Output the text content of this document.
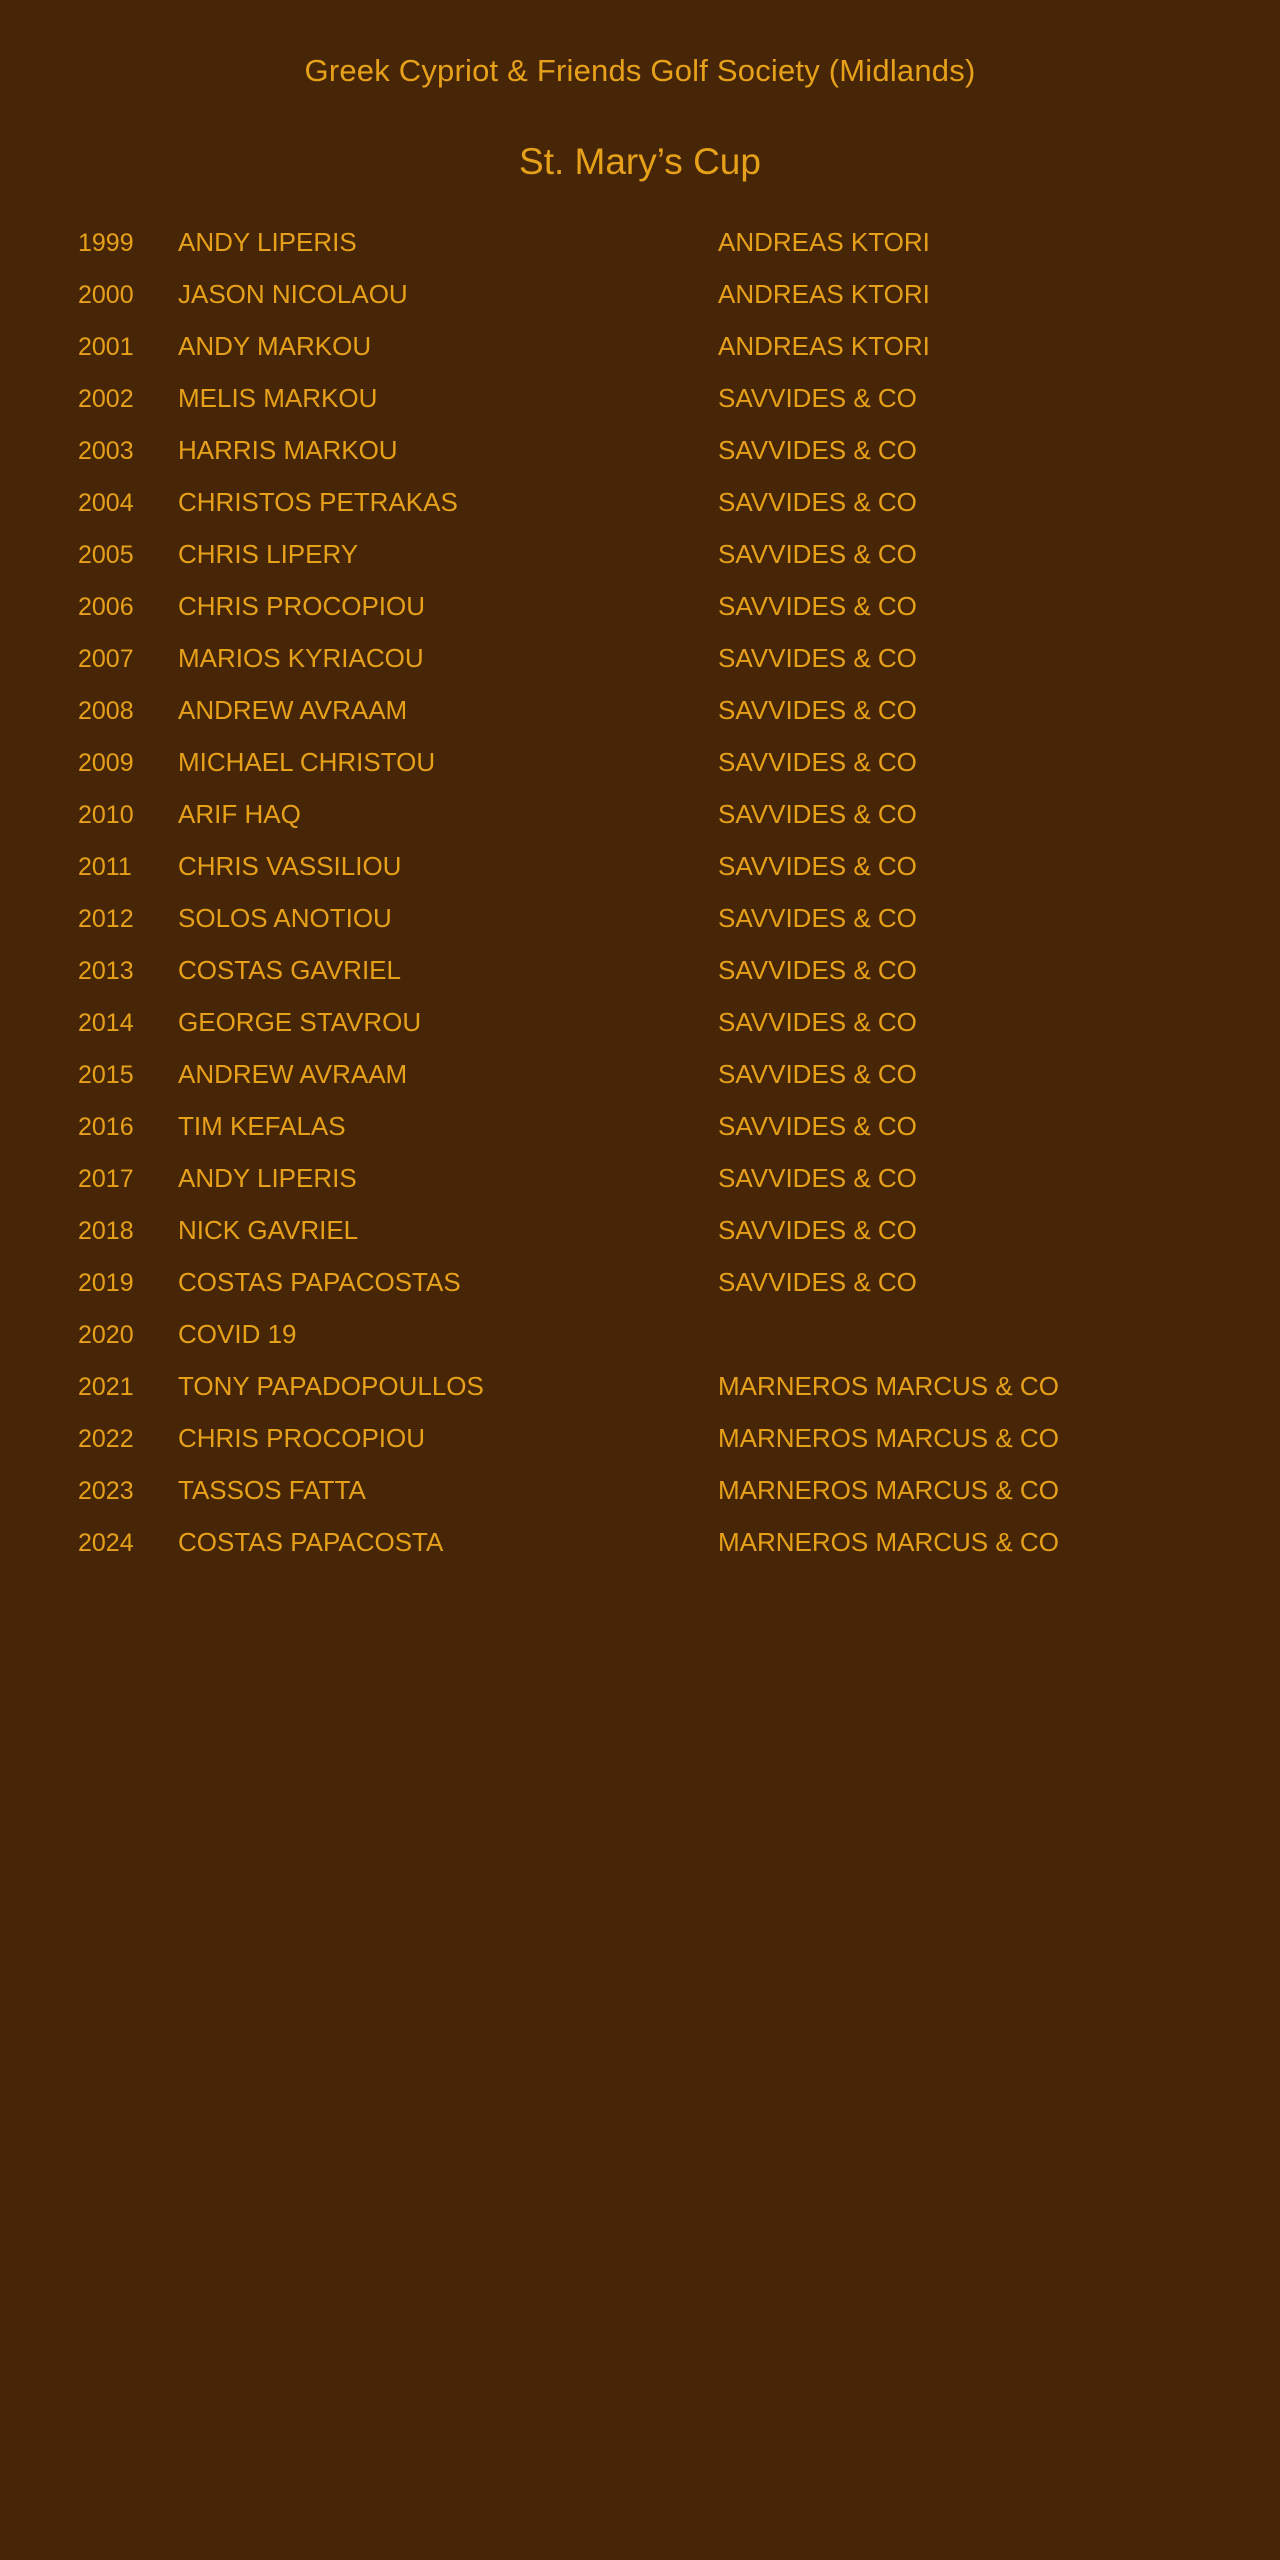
Greek Cypriot & Friends Golf Society (Midlands)
St. Mary’s Cup
1999	ANDY LIPERIS	ANDREAS KTORI
2000	JASON NICOLAOU	ANDREAS KTORI
2001	ANDY MARKOU	ANDREAS KTORI
2002	MELIS MARKOU	SAVVIDES & CO
2003	HARRIS MARKOU	SAVVIDES & CO
2004	CHRISTOS PETRAKAS	SAVVIDES & CO
2005	CHRIS LIPERY	SAVVIDES & CO
2006	CHRIS PROCOPIOU	SAVVIDES & CO
2007	MARIOS KYRIACOU	SAVVIDES & CO
2008	ANDREW AVRAAM	SAVVIDES & CO
2009	MICHAEL CHRISTOU	SAVVIDES & CO
2010	ARIF HAQ	SAVVIDES & CO
2011	CHRIS VASSILIOU	SAVVIDES & CO
2012	SOLOS ANOTIOU	SAVVIDES & CO
2013	COSTAS GAVRIEL	SAVVIDES & CO
2014	GEORGE STAVROU	SAVVIDES & CO
2015	ANDREW AVRAAM	SAVVIDES & CO
2016	TIM KEFALAS	SAVVIDES & CO
2017	ANDY LIPERIS	SAVVIDES & CO
2018	NICK GAVRIEL	SAVVIDES & CO
2019	COSTAS PAPACOSTAS	SAVVIDES & CO
2020	COVID 19
2021	TONY PAPADOPOULLOS	MARNEROS MARCUS & CO
2022	CHRIS PROCOPIOU	MARNEROS MARCUS & CO
2023	TASSOS FATTA	MARNEROS MARCUS & CO
2024	COSTAS PAPACOSTA	MARNEROS MARCUS & CO
